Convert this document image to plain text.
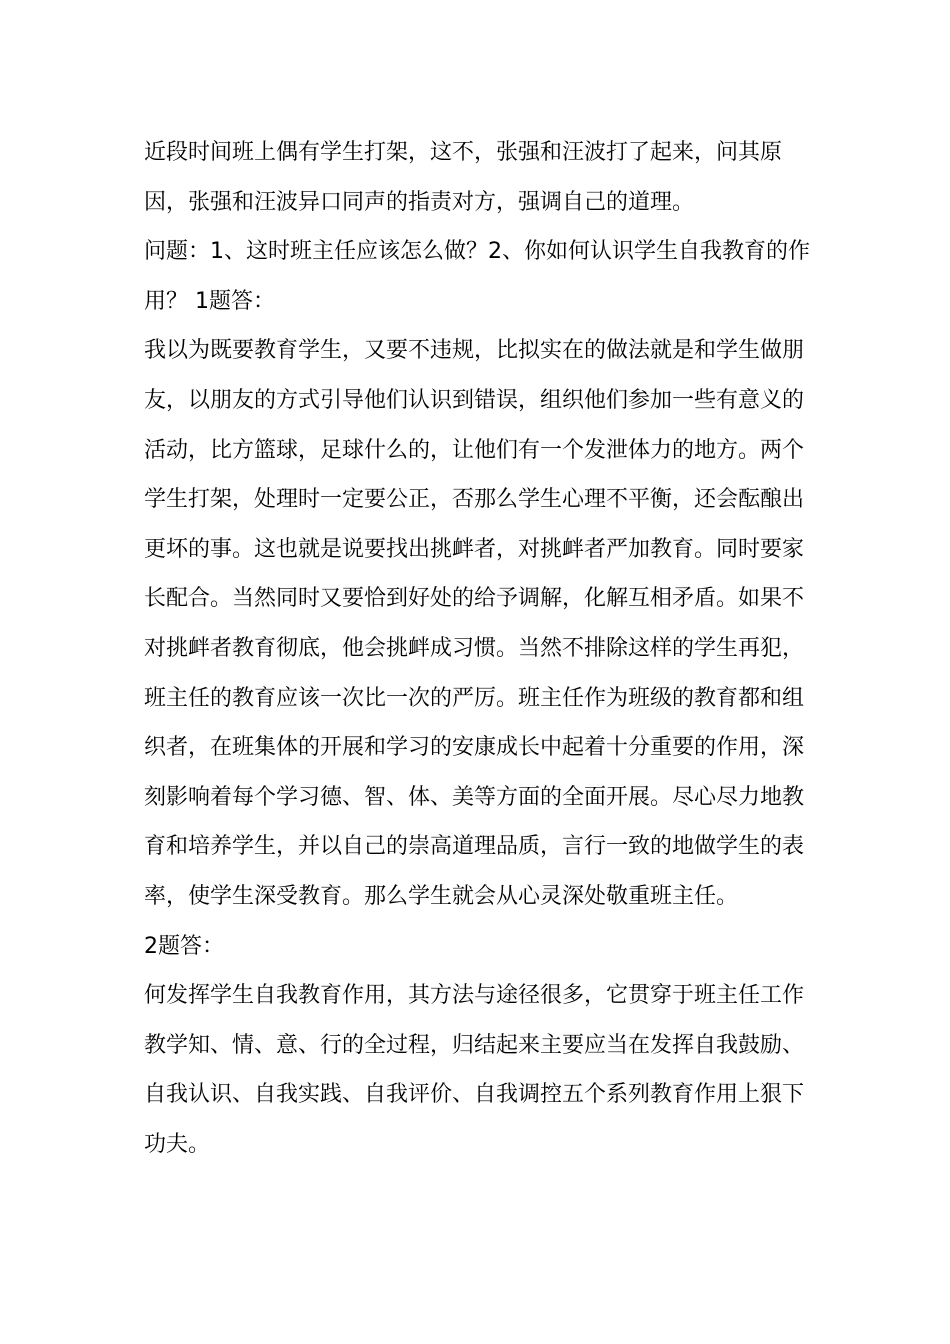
近段时间班上偶有学生打架，这不，张强和汪波打了起来，问其原因，张强和汪波异口同声的指责对方，强调自己的道理。

问题：1、这时班主任应该怎么做？2、你如何认识学生自我教育的作用？ 1题答：

我以为既要教育学生，又要不违规，比拟实在的做法就是和学生做朋友，以朋友的方式引导他们认识到错误，组织他们参加一些有意义的活动，比方篮球，足球什么的，让他们有一个发泄体力的地方。两个学生打架，处理时一定要公正，否那么学生心理不平衡，还会酝酿出更坏的事。这也就是说要找出挑衅者，对挑衅者严加教育。同时要家长配合。当然同时又要恰到好处的给予调解，化解互相矛盾。如果不对挑衅者教育彻底，他会挑衅成习惯。当然不排除这样的学生再犯，班主任的教育应该一次比一次的严厉。班主任作为班级的教育都和组织者，在班集体的开展和学习的安康成长中起着十分重要的作用，深刻影响着每个学习德、智、体、美等方面的全面开展。尽心尽力地教育和培养学生，并以自己的崇高道理品质，言行一致的地做学生的表率，使学生深受教育。那么学生就会从心灵深处敬重班主任。

2题答：

何发挥学生自我教育作用，其方法与途径很多，它贯穿于班主任工作教学知、情、意、行的全过程，归结起来主要应当在发挥自我鼓励、自我认识、自我实践、自我评价、自我调控五个系列教育作用上狠下功夫。
